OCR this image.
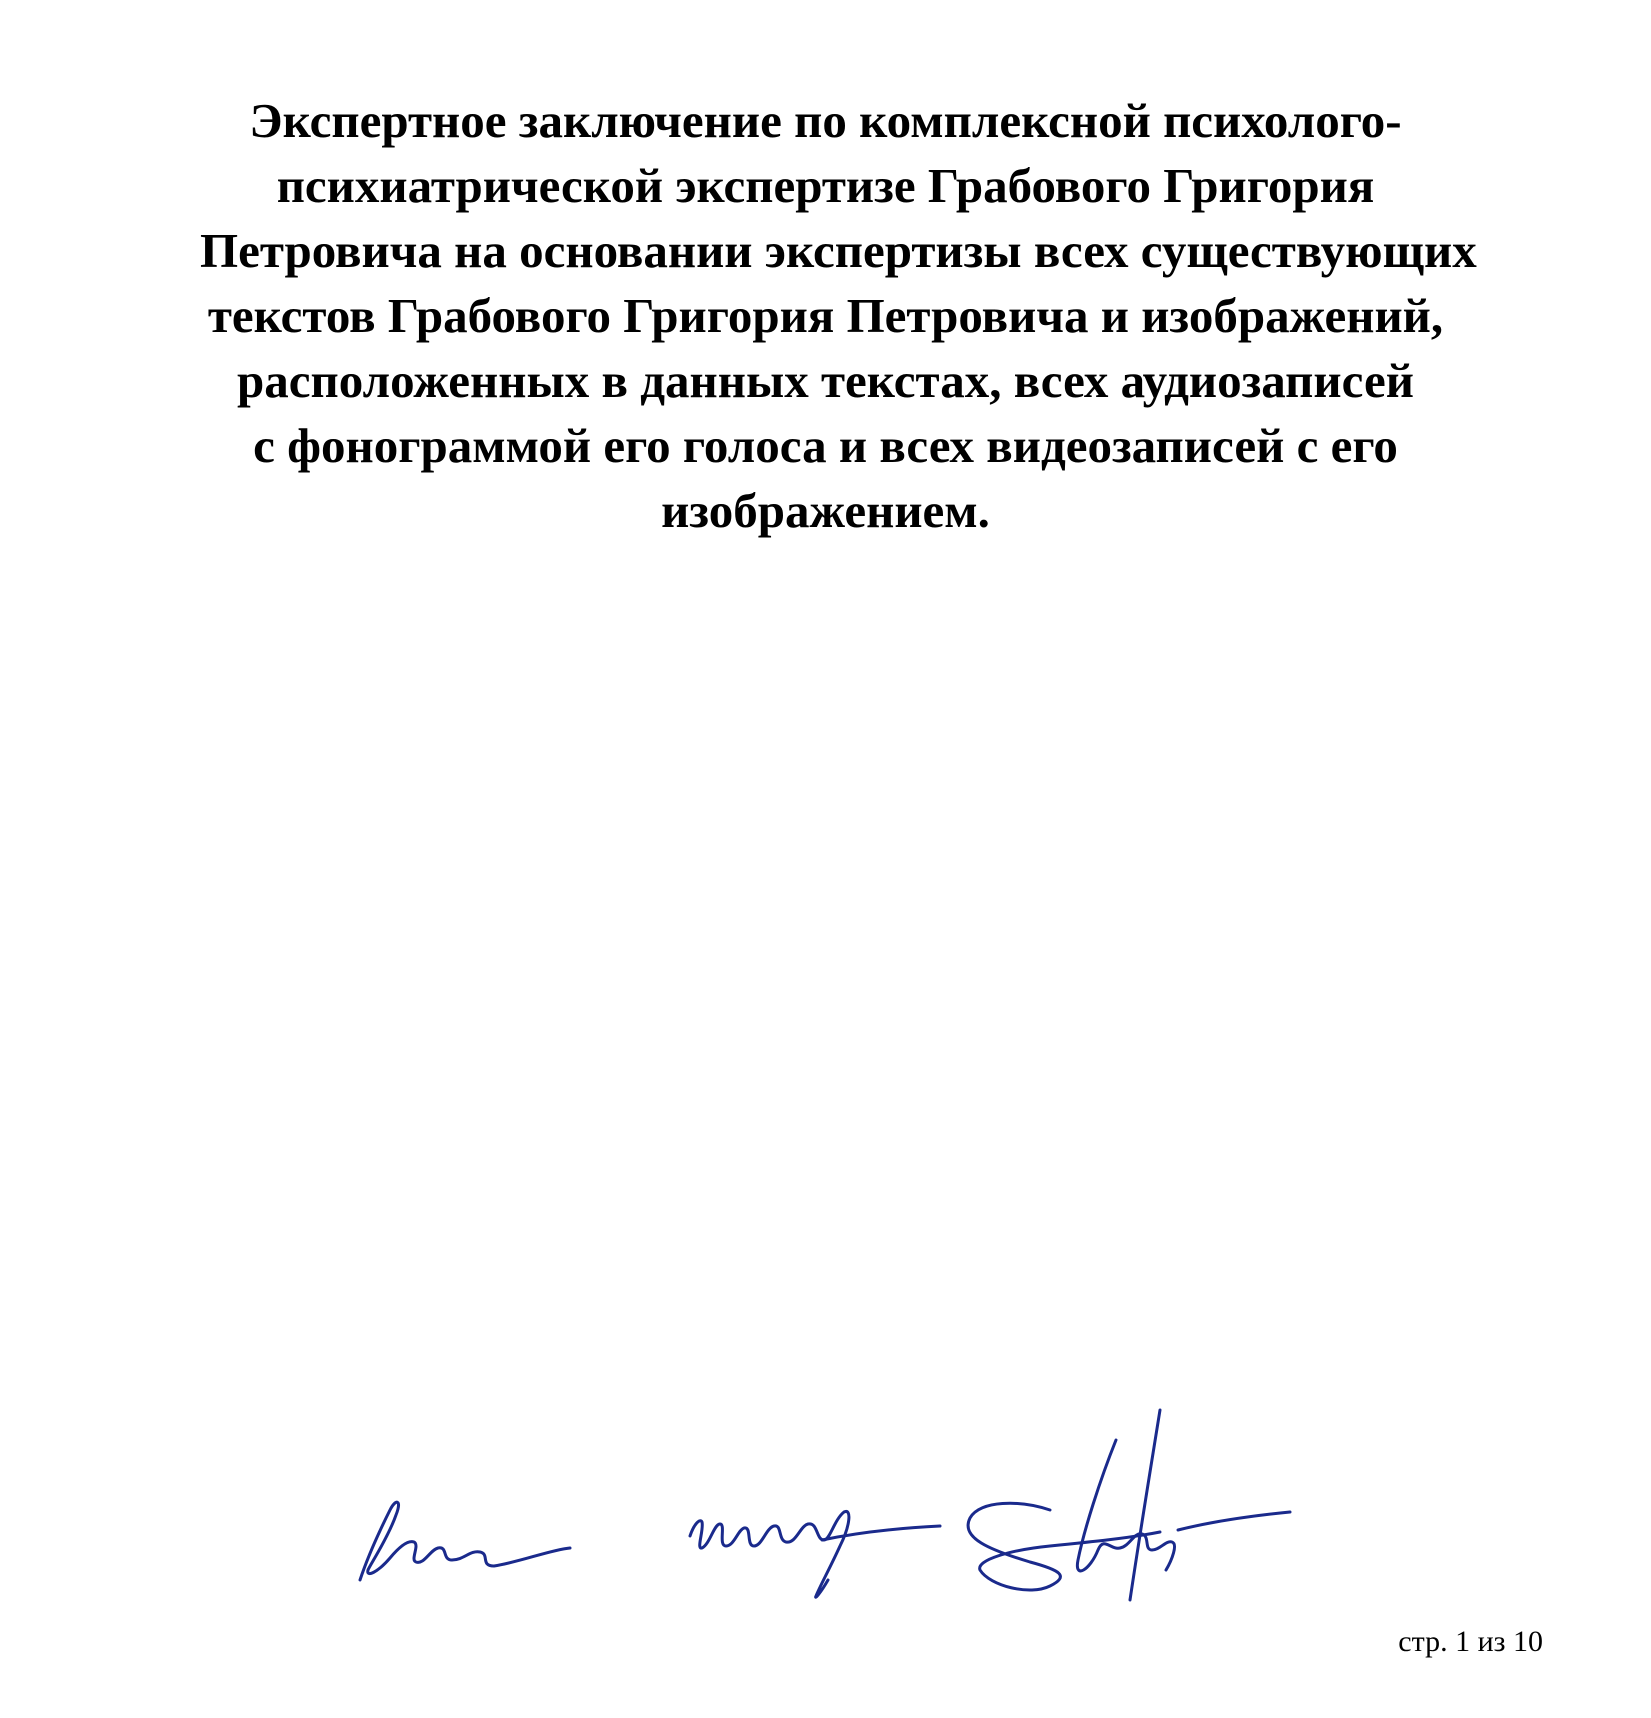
Экспертное заключение по комплексной психолого-
психиатрической экспертизе Грабового Григория
Петровича на основании экспертизы всех существующих
текстов Грабового Григория Петровича и изображений,
расположенных в данных текстах, всех аудиозаписей
с фонограммой его голоса и всех видеозаписей с его
изображением.
стр. 1 из 10
